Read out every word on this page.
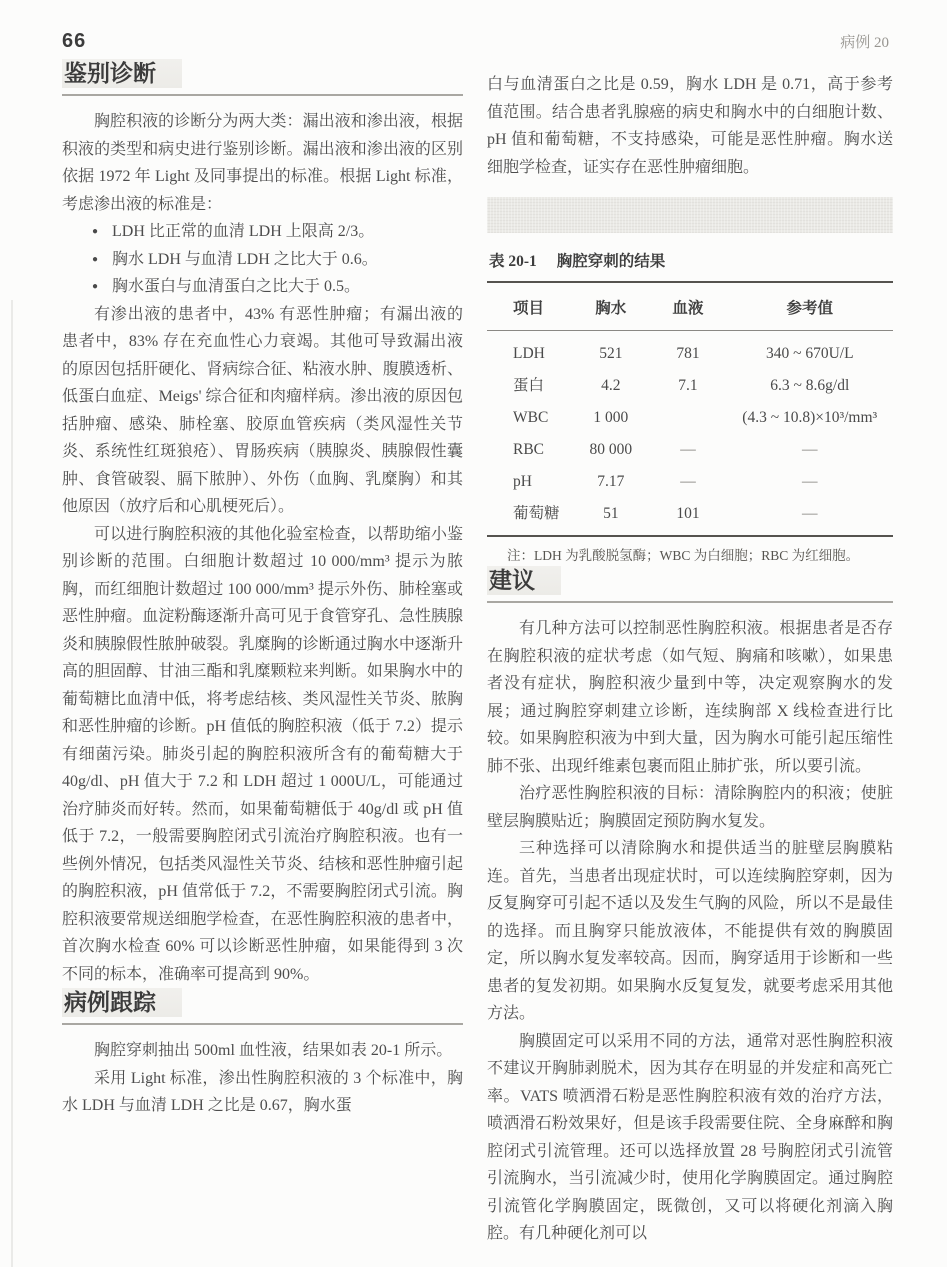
66	病例 20
鉴别诊断

胸腔积液的诊断分为两大类：漏出液和渗出液，根据积液的类型和病史进行鉴别诊断。漏出液和渗出液的区别依据 1972 年 Light 及同事提出的标准。根据 Light 标准，考虑渗出液的标准是：

● LDH 比正常的血清 LDH 上限高 2/3。
● 胸水 LDH 与血清 LDH 之比大于 0.6。
● 胸水蛋白与血清蛋白之比大于 0.5。

有渗出液的患者中，43% 有恶性肿瘤；有漏出液的患者中，83% 存在充血性心力衰竭。其他可导致漏出液的原因包括肝硬化、肾病综合征、粘液水肿、腹膜透析、低蛋白血症、Meigs' 综合征和肉瘤样病。渗出液的原因包括肿瘤、感染、肺栓塞、胶原血管疾病（类风湿性关节炎、系统性红斑狼疮）、胃肠疾病（胰腺炎、胰腺假性囊肿、食管破裂、膈下脓肿）、外伤（血胸、乳糜胸）和其他原因（放疗后和心肌梗死后）。

可以进行胸腔积液的其他化验室检查，以帮助缩小鉴别诊断的范围。白细胞计数超过 10 000/mm³ 提示为脓胸，而红细胞计数超过 100 000/mm³ 提示外伤、肺栓塞或恶性肿瘤。血淀粉酶逐渐升高可见于食管穿孔、急性胰腺炎和胰腺假性脓肿破裂。乳糜胸的诊断通过胸水中逐渐升高的胆固醇、甘油三酯和乳糜颗粒来判断。如果胸水中的葡萄糖比血清中低，将考虑结核、类风湿性关节炎、脓胸和恶性肿瘤的诊断。pH 值低的胸腔积液（低于 7.2）提示有细菌污染。肺炎引起的胸腔积液所含有的葡萄糖大于 40g/dl、pH 值大于 7.2 和 LDH 超过 1 000U/L，可能通过治疗肺炎而好转。然而，如果葡萄糖低于 40g/dl 或 pH 值低于 7.2，一般需要胸腔闭式引流治疗胸腔积液。也有一些例外情况，包括类风湿性关节炎、结核和恶性肿瘤引起的胸腔积液，pH 值常低于 7.2，不需要胸腔闭式引流。胸腔积液要常规送细胞学检查，在恶性胸腔积液的患者中，首次胸水检查 60% 可以诊断恶性肿瘤，如果能得到 3 次不同的标本，准确率可提高到 90%。

病例跟踪

胸腔穿刺抽出 500ml 血性液，结果如表 20-1 所示。

采用 Light 标准，渗出性胸腔积液的 3 个标准中，胸水 LDH 与血清 LDH 之比是 0.67，胸水蛋

白与血清蛋白之比是 0.59，胸水 LDH 是 0.71，高于参考值范围。结合患者乳腺癌的病史和胸水中的白细胞计数、pH 值和葡萄糖，不支持感染，可能是恶性肿瘤。胸水送细胞学检查，证实存在恶性肿瘤细胞。

表 20-1 胸腔穿刺的结果
项目	胸水	血液	参考值
LDH	521	781	340 ~ 670U/L
蛋白	4.2	7.1	6.3 ~ 8.6g/dl
WBC	1 000		(4.3 ~ 10.8)×10³/mm³
RBC	80 000	—	—
pH	7.17	—	—
葡萄糖	51	101	—

注：LDH 为乳酸脱氢酶；WBC 为白细胞；RBC 为红细胞。

建议

有几种方法可以控制恶性胸腔积液。根据患者是否存在胸腔积液的症状考虑（如气短、胸痛和咳嗽），如果患者没有症状，胸腔积液少量到中等，决定观察胸水的发展；通过胸腔穿刺建立诊断，连续胸部 X 线检查进行比较。如果胸腔积液为中到大量，因为胸水可能引起压缩性肺不张、出现纤维素包裹而阻止肺扩张，所以要引流。

治疗恶性胸腔积液的目标：清除胸腔内的积液；使脏壁层胸膜贴近；胸膜固定预防胸水复发。

三种选择可以清除胸水和提供适当的脏壁层胸膜粘连。首先，当患者出现症状时，可以连续胸腔穿刺，因为反复胸穿可引起不适以及发生气胸的风险，所以不是最佳的选择。而且胸穿只能放液体，不能提供有效的胸膜固定，所以胸水复发率较高。因而，胸穿适用于诊断和一些患者的复发初期。如果胸水反复复发，就要考虑采用其他方法。

胸膜固定可以采用不同的方法，通常对恶性胸腔积液不建议开胸肺剥脱术，因为其存在明显的并发症和高死亡率。VATS 喷洒滑石粉是恶性胸腔积液有效的治疗方法，喷洒滑石粉效果好，但是该手段需要住院、全身麻醉和胸腔闭式引流管理。还可以选择放置 28 号胸腔闭式引流管引流胸水，当引流减少时，使用化学胸膜固定。通过胸腔引流管化学胸膜固定，既微创，又可以将硬化剂滴入胸腔。有几种硬化剂可以
